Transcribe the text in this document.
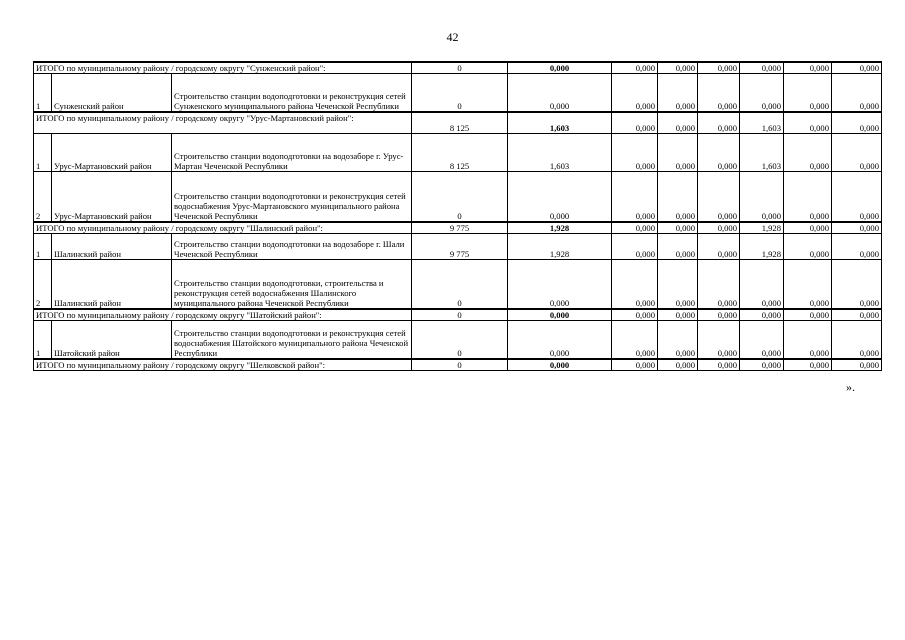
42
ИТОГО по муниципальному району / городскому округу "Сунженский район":			0	0,000	0,000	0,000	0,000	0,000	0,000	0,000
1	Сунженский район	Строительство станции водоподготовки и реконструкция сетей Сунженского муниципального района Чеченской Республики	0	0,000	0,000	0,000	0,000	0,000	0,000	0,000
ИТОГО по муниципальному району / городскому округу "Урус-Мартановский район":			8 125	1,603	0,000	0,000	0,000	1,603	0,000	0,000
1	Урус-Мартановский район	Строительство станции водоподготовки на водозаборе г. Урус-Мартан Чеченской Республики	8 125	1,603	0,000	0,000	0,000	1,603	0,000	0,000
2	Урус-Мартановский район	Строительство станции водоподготовки и реконструкция сетей водоснабжения Урус-Мартановского муниципального района Чеченской Республики	0	0,000	0,000	0,000	0,000	0,000	0,000	0,000
ИТОГО по муниципальному району / городскому округу "Шалинский район":			9 775	1,928	0,000	0,000	0,000	1,928	0,000	0,000
1	Шалинский район	Строительство станции водоподготовки на водозаборе г. Шали Чеченской Республики	9 775	1,928	0,000	0,000	0,000	1,928	0,000	0,000
2	Шалинский район	Строительство станции водоподготовки, строительства и реконструкция сетей водоснабжения Шалинского муниципального района Чеченской Республики	0	0,000	0,000	0,000	0,000	0,000	0,000	0,000
ИТОГО по муниципальному району / городскому округу "Шатойский район":			0	0,000	0,000	0,000	0,000	0,000	0,000	0,000
1	Шатойский район	Строительство станции водоподготовки и реконструкция сетей водоснабжения Шатойского муниципального района Чеченской Республики	0	0,000	0,000	0,000	0,000	0,000	0,000	0,000
ИТОГО по муниципальному району / городскому округу "Шелковской район":			0	0,000	0,000	0,000	0,000	0,000	0,000	0,000
».
